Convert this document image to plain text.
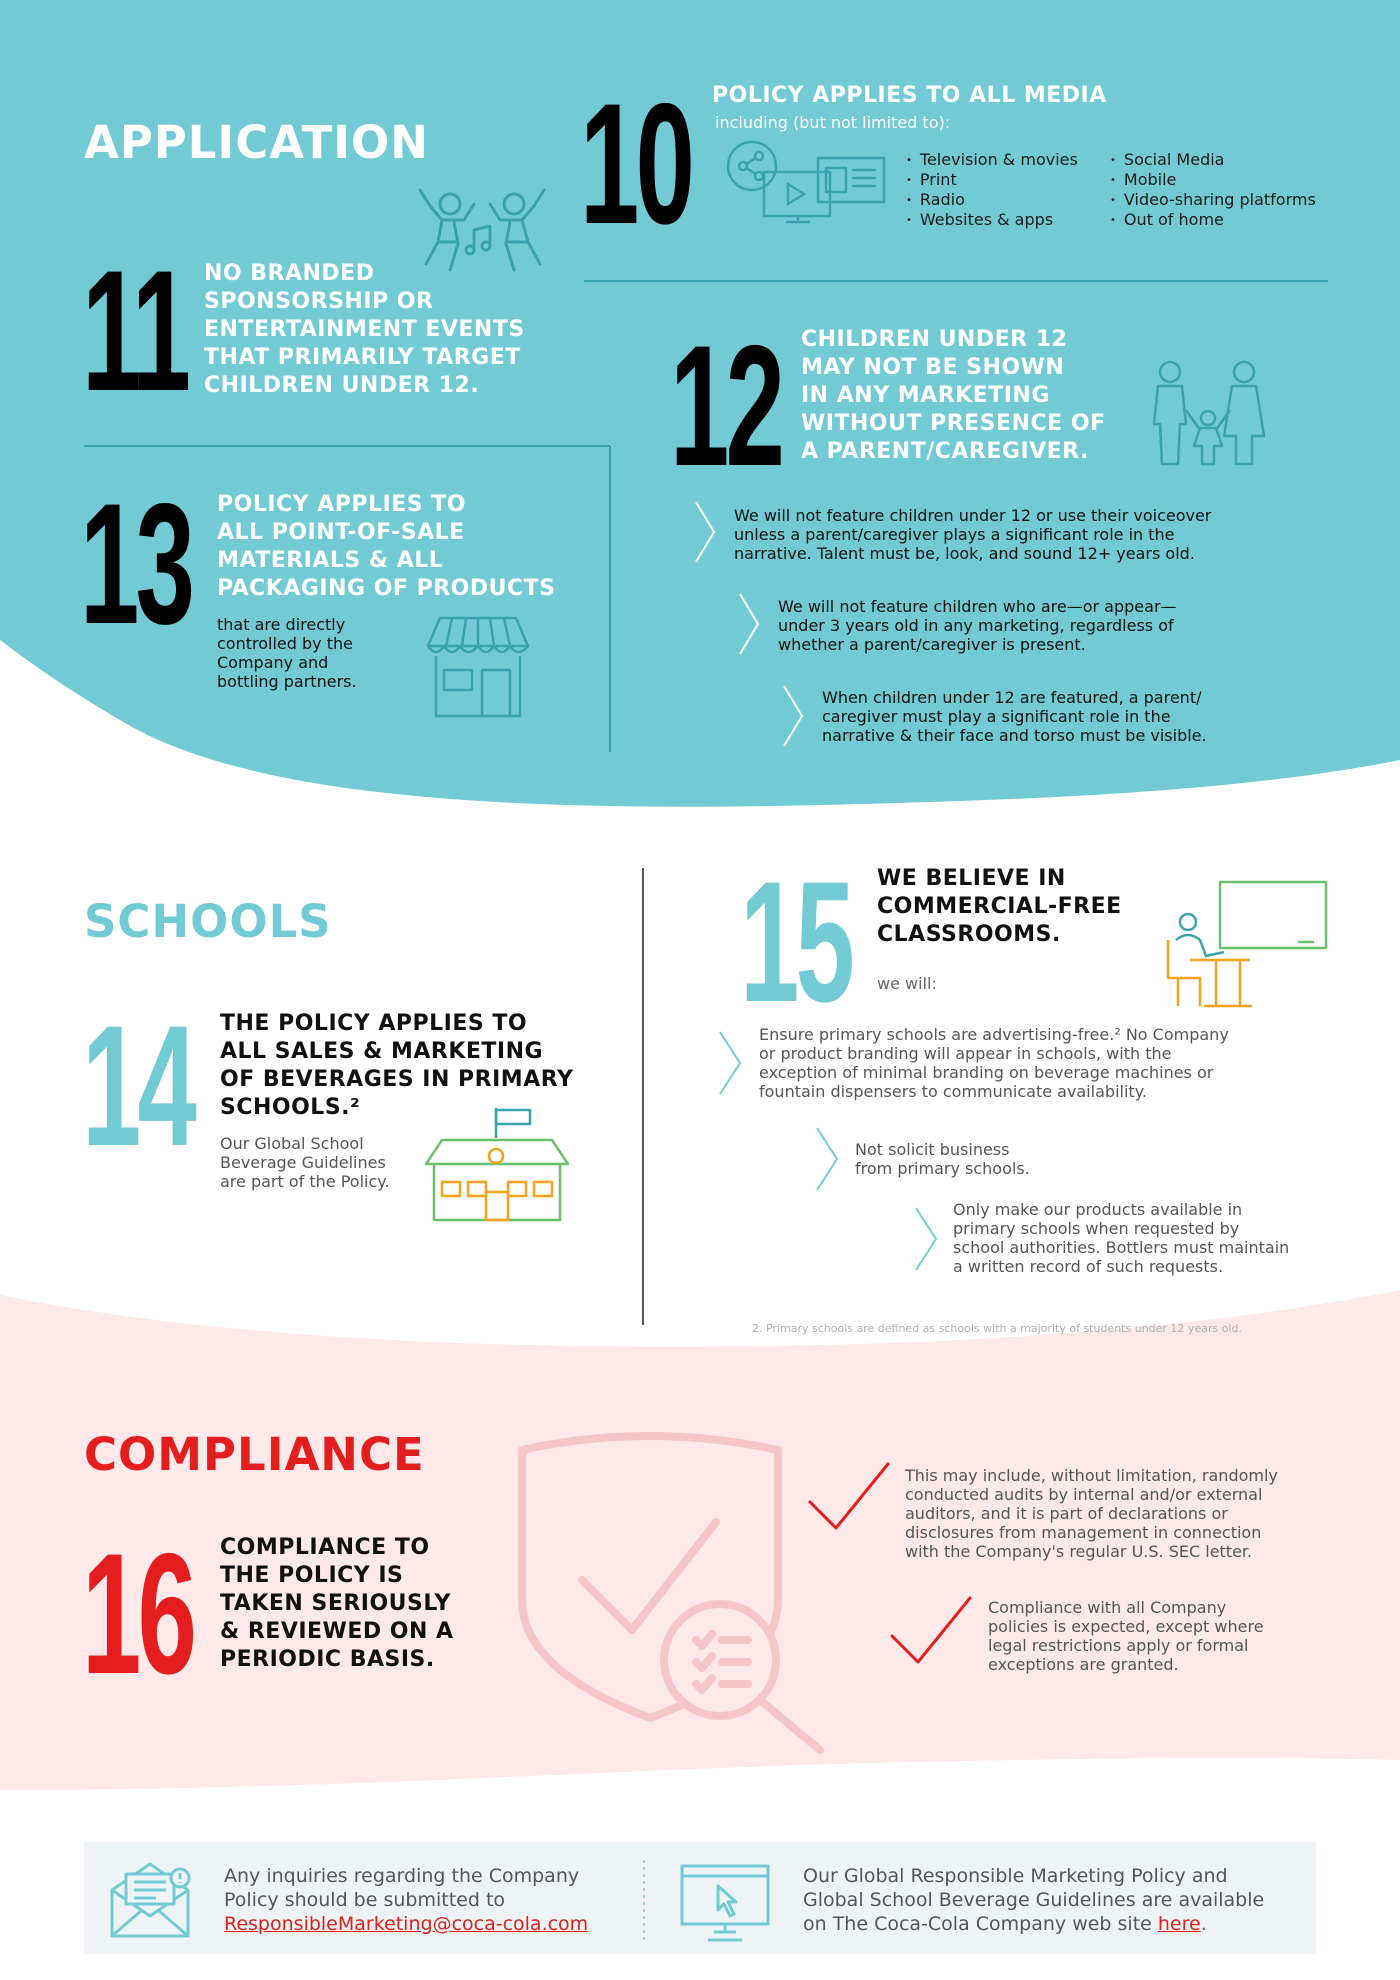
APPLICATION 10 POLICY APPLIES TO ALL MEDIA
including (but not limited to):
• Television & movies
• Print
• Radio
• Websites & apps
• Social Media
• Mobile
• Video-sharing platforms
• Out of home
11 NO BRANDED
SPONSORSHIP OR
ENTERTAINMENT EVENTS
THAT PRIMARILY TARGET
CHILDREN UNDER 12. 12 CHILDREN UNDER 12
MAY NOT BE SHOWN
IN ANY MARKETING
WITHOUT PRESENCE OF
A PARENT/CAREGIVER.
We will not feature children under 12 or use their voiceover
unless a parent/caregiver plays a significant role in the
narrative. Talent must be, look, and sound 12+ years old.
We will not feature children who are—or appear—
under 3 years old in any marketing, regardless of
whether a parent/caregiver is present.
When children under 12 are featured, a parent/
caregiver must play a significant role in the
narrative & their face and torso must be visible.
13 POLICY APPLIES TO
ALL POINT-OF-SALE
MATERIALS & ALL
PACKAGING OF PRODUCTS
that are directly
controlled by the
Company and
bottling partners.
SCHOOLS
14 THE POLICY APPLIES TO
ALL SALES & MARKETING
OF BEVERAGES IN PRIMARY
SCHOOLS.²
Our Global School
Beverage Guidelines
are part of the Policy.
15 WE BELIEVE IN
COMMERCIAL-FREE
CLASSROOMS.
we will:
Ensure primary schools are advertising-free.² No Company
or product branding will appear in schools, with the
exception of minimal branding on beverage machines or
fountain dispensers to communicate availability.
Not solicit business
from primary schools.
Only make our products available in
primary schools when requested by
school authorities. Bottlers must maintain
a written record of such requests.
2. Primary schools are defined as schools with a majority of students under 12 years old.
COMPLIANCE
16 COMPLIANCE TO
THE POLICY IS
TAKEN SERIOUSLY
& REVIEWED ON A
PERIODIC BASIS.
This may include, without limitation, randomly
conducted audits by internal and/or external
auditors, and it is part of declarations or
disclosures from management in connection
with the Company's regular U.S. SEC letter.
Compliance with all Company
policies is expected, except where
legal restrictions apply or formal
exceptions are granted.
Any inquiries regarding the Company
Policy should be submitted to
ResponsibleMarketing@coca-cola.com
Our Global Responsible Marketing Policy and
Global School Beverage Guidelines are available
on The Coca-Cola Company web site here.
